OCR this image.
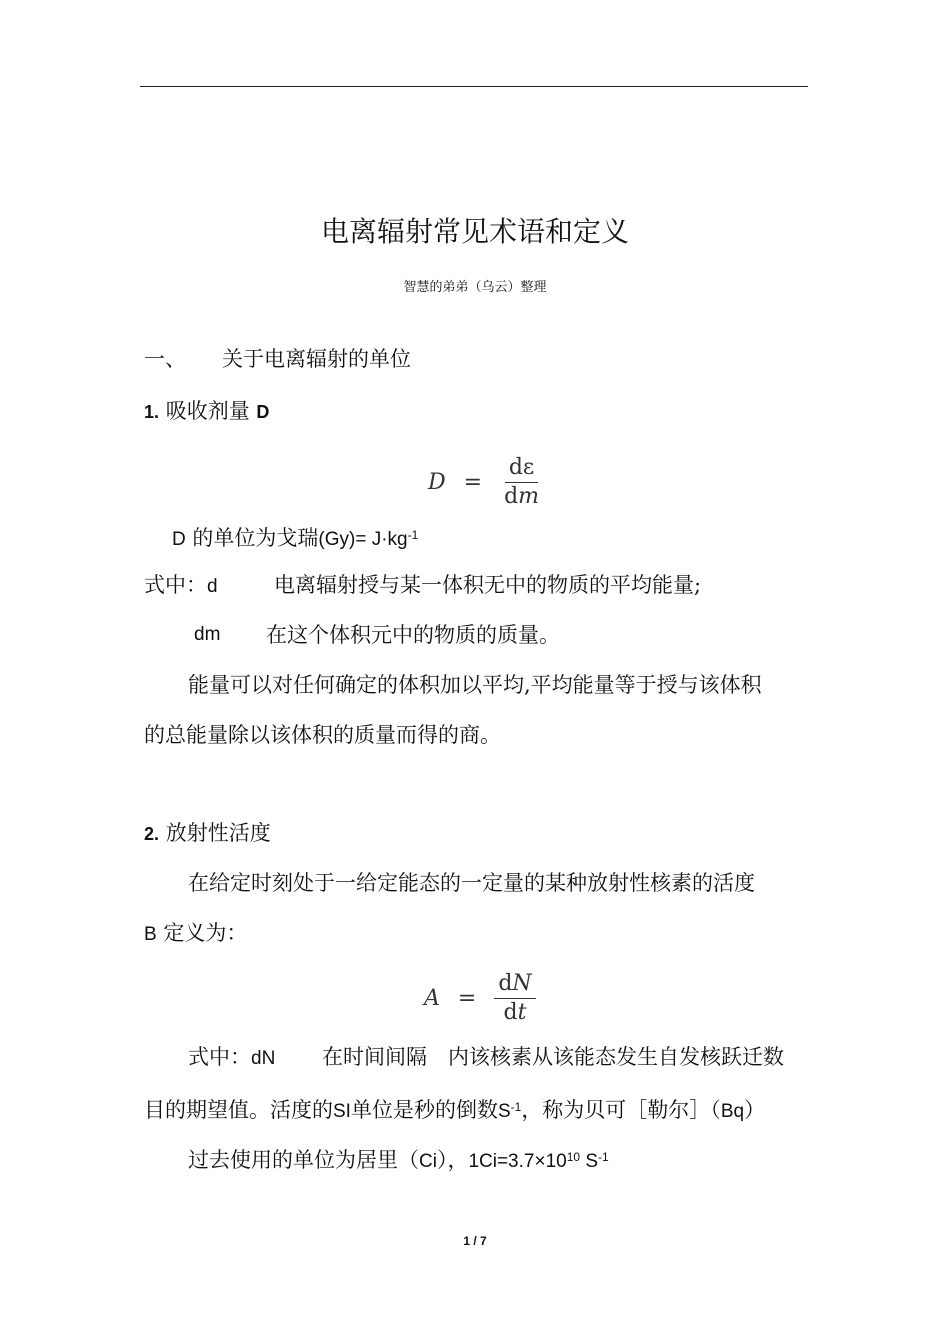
电离辐射常见术语和定义
智慧的弟弟（乌云）整理
一、 关于电离辐射的单位
1. 吸收剂量 D
$D = \frac{d\varepsilon}{dm}$
D 的单位为戈瑞$(Gy)= J\cdot kg^{-1}$
式中：d	电离辐射授与某一体积无中的物质的平均能量;
dm 在这个体积元中的物质的质量。
能量可以对任何确定的体积加以平均,平均能量等于授与该体积
的总能量除以该体积的质量而得的商。
2. 放射性活度
在给定时刻处于一给定能态的一定量的某种放射性核素的活度
B 定义为：
$A = \frac{dN}{dt}$
式中：dN 在时间间隔　内该核素从该能态发生自发核跃迁数
目的期望值。活度的SI单位是秒的倒数$S^{-1}$，称为贝可［勒尔］（Bq）
过去使用的单位为居里（Ci），$1Ci=3.7\times 10^{10}$ $S^{-1}$
1 / 7
